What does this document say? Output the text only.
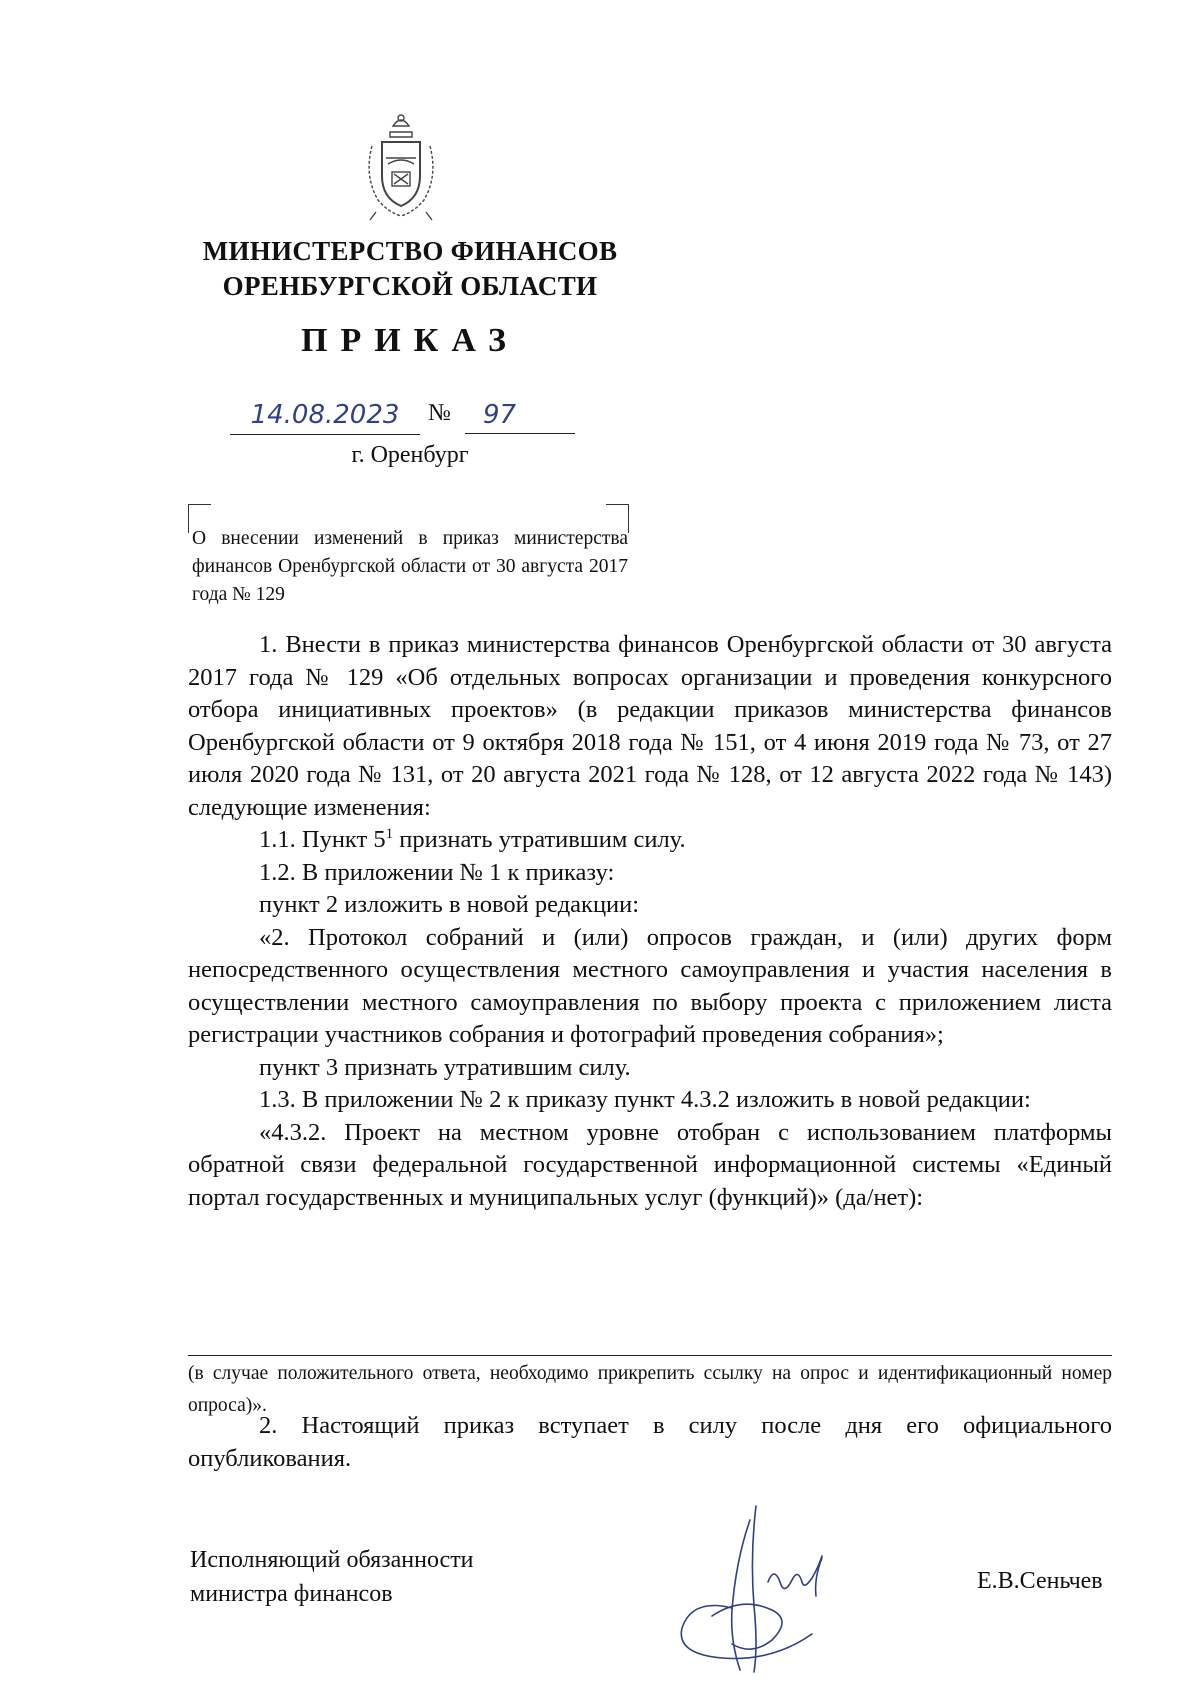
МИНИСТЕРСТВО ФИНАНСОВ
ОРЕНБУРГСКОЙ ОБЛАСТИ
ПРИКАЗ
14.08.2023	№	97
г. Оренбург
О внесении изменений в приказ министерства финансов Оренбургской области от 30 августа 2017 года № 129

1. Внести в приказ министерства финансов Оренбургской области от 30 августа 2017 года № 129 «Об отдельных вопросах организации и проведения конкурсного отбора инициативных проектов» (в редакции приказов министерства финансов Оренбургской области от 9 октября 2018 года № 151, от 4 июня 2019 года № 73, от 27 июля 2020 года № 131, от 20 августа 2021 года № 128, от 12 августа 2022 года № 143) следующие изменения:

1.1. Пункт $5^1$ признать утратившим силу.

1.2. В приложении № 1 к приказу:

пункт 2 изложить в новой редакции:

«2. Протокол собраний и (или) опросов граждан, и (или) других форм непосредственного осуществления местного самоуправления и участия населения в осуществлении местного самоуправления по выбору проекта с приложением листа регистрации участников собрания и фотографий проведения собрания»;

пункт 3 признать утратившим силу.

1.3. В приложении № 2 к приказу пункт 4.3.2 изложить в новой редакции:

«4.3.2. Проект на местном уровне отобран с использованием платформы обратной связи федеральной государственной информационной системы «Единый портал государственных и муниципальных услуг (функций)» (да/нет):

(в случае положительного ответа, необходимо прикрепить ссылку на опрос и идентификационный номер опроса)».

2. Настоящий приказ вступает в силу после дня его официального опубликования.

Исполняющий обязанности
министра финансов	Е.В.Сеньчев
